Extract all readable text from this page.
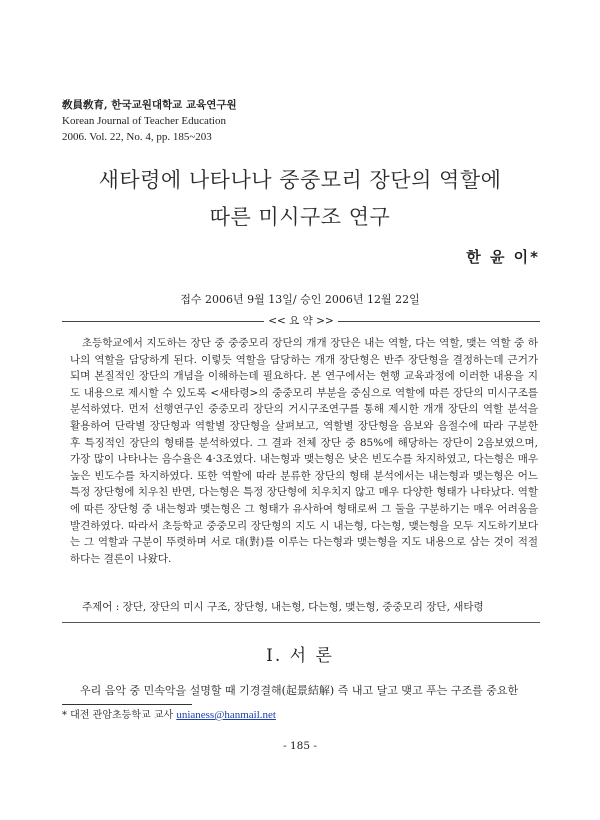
敎員敎育, 한국교원대학교 교육연구원
Korean Journal of Teacher Education
2006. Vol. 22, No. 4, pp. 185~203
새타령에 나타나나 중중모리 장단의 역할에
따른 미시구조 연구
한 윤 이*
접수 2006년 9월 13일/ 승인 2006년 12월 22일
<< 요 약 >>

초등학교에서 지도하는 장단 중 중중모리 장단의 개개 장단은 내는 역할, 다는 역할, 맺는 역할 중 하나의 역할을 담당하게 된다. 이렇듯 역할을 담당하는 개개 장단형은 반주 장단형을 결정하는데 근거가 되며 본질적인 장단의 개념을 이해하는데 필요하다. 본 연구에서는 현행 교육과정에 이러한 내용을 지도 내용으로 제시할 수 있도록 <새타령>의 중중모리 부분을 중심으로 역할에 따른 장단의 미시구조를 분석하였다. 먼저 선행연구인 중중모리 장단의 거시구조연구를 통해 제시한 개개 장단의 역할 분석을 활용하여 단락별 장단형과 역할별 장단형을 살펴보고, 역할별 장단형을 음보와 음절수에 따라 구분한 후 특징적인 장단의 형태를 분석하였다. 그 결과 전체 장단 중 85%에 해당하는 장단이 2음보였으며, 가장 많이 나타나는 음수율은 4·3조였다. 내는형과 맺는형은 낮은 빈도수를 차지하였고, 다는형은 매우 높은 빈도수를 차지하였다. 또한 역할에 따라 분류한 장단의 형태 분석에서는 내는형과 맺는형은 어느 특정 장단형에 치우친 반면, 다는형은 특정 장단형에 치우치지 않고 매우 다양한 형태가 나타났다. 역할에 따른 장단형 중 내는형과 맺는형은 그 형태가 유사하여 형태로써 그 둘을 구분하기는 매우 어려움을 발견하였다. 따라서 초등학교 중중모리 장단형의 지도 시 내는형, 다는형, 맺는형을 모두 지도하기보다는 그 역할과 구분이 뚜렷하며 서로 대(對)를 이루는 다는형과 맺는형을 지도 내용으로 삼는 것이 적절하다는 결론이 나왔다.

주제어 : 장단, 장단의 미시 구조, 장단형, 내는형, 다는형, 맺는형, 중중모리 장단, 새타령
Ⅰ. 서 론
우리 음악 중 민속악을 설명할 때 기경결해(起景結解) 즉 내고 달고 맺고 푸는 구조를 중요한
* 대전 관암초등학교 교사 unianess@hanmail.net
- 185 -
